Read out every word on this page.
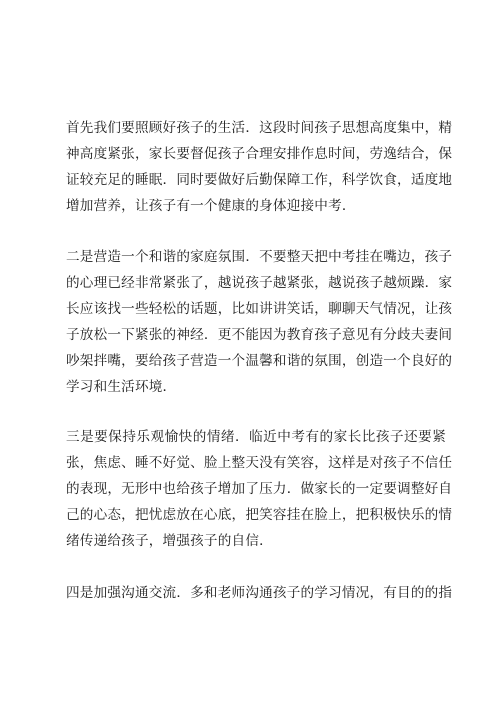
首先我们要照顾好孩子的生活．这段时间孩子思想高度集中，精
神高度紧张，家长要督促孩子合理安排作息时间，劳逸结合，保
证较充足的睡眠．同时要做好后勤保障工作，科学饮食，适度地
增加营养，让孩子有一个健康的身体迎接中考．

二是营造一个和谐的家庭氛围．不要整天把中考挂在嘴边，孩子
的心理已经非常紧张了，越说孩子越紧张，越说孩子越烦躁．家
长应该找一些轻松的话题，比如讲讲笑话，聊聊天气情况，让孩
子放松一下紧张的神经．更不能因为教育孩子意见有分歧夫妻间
吵架拌嘴，要给孩子营造一个温馨和谐的氛围，创造一个良好的
学习和生活环境．

三是要保持乐观愉快的情绪．临近中考有的家长比孩子还要紧
张，焦虑、睡不好觉、脸上整天没有笑容，这样是对孩子不信任
的表现，无形中也给孩子增加了压力．做家长的一定要调整好自
己的心态，把忧虑放在心底，把笑容挂在脸上，把积极快乐的情
绪传递给孩子，增强孩子的自信．

四是加强沟通交流．多和老师沟通孩子的学习情况，有目的的指
